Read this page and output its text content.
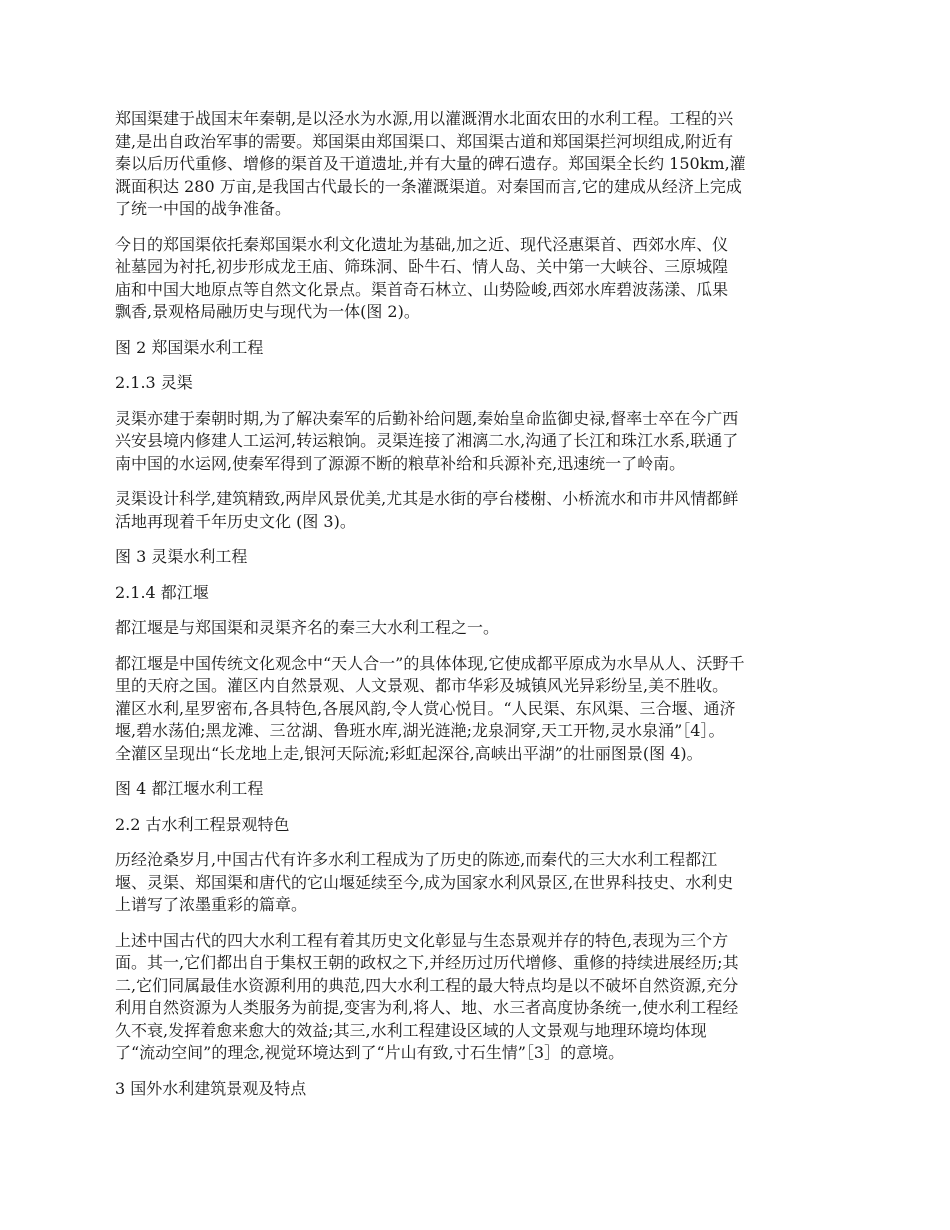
郑国渠建于战国末年秦朝,是以泾水为水源,用以灌溉渭水北面农田的水利工程。工程的兴
建,是出自政治军事的需要。郑国渠由郑国渠口、郑国渠古道和郑国渠拦河坝组成,附近有
秦以后历代重修、增修的渠首及干道遗址,并有大量的碑石遗存。郑国渠全长约 150km,灌
溉面积达 280 万亩,是我国古代最长的一条灌溉渠道。对秦国而言,它的建成从经济上完成
了统一中国的战争准备。
今日的郑国渠依托秦郑国渠水利文化遗址为基础,加之近、现代泾惠渠首、西郊水库、仪
祉墓园为衬托,初步形成龙王庙、筛珠洞、卧牛石、情人岛、关中第一大峡谷、三原城隍
庙和中国大地原点等自然文化景点。渠首奇石林立、山势险峻,西郊水库碧波荡漾、瓜果
飘香,景观格局融历史与现代为一体(图 2)。
图 2 郑国渠水利工程
2.1.3 灵渠
灵渠亦建于秦朝时期,为了解决秦军的后勤补给问题,秦始皇命监御史禄,督率士卒在今广西
兴安县境内修建人工运河,转运粮饷。灵渠连接了湘漓二水,沟通了长江和珠江水系,联通了
南中国的水运网,使秦军得到了源源不断的粮草补给和兵源补充,迅速统一了岭南。
灵渠设计科学,建筑精致,两岸风景优美,尤其是水街的亭台楼榭、小桥流水和市井风情都鲜
活地再现着千年历史文化 (图 3)。
图 3 灵渠水利工程
2.1.4 都江堰
都江堰是与郑国渠和灵渠齐名的秦三大水利工程之一。
都江堰是中国传统文化观念中“天人合一”的具体体现,它使成都平原成为水旱从人、沃野千
里的天府之国。灌区内自然景观、人文景观、都市华彩及城镇风光异彩纷呈,美不胜收。
灌区水利,星罗密布,各具特色,各展风韵,令人赏心悦目。“人民渠、东风渠、三合堰、通济
堰,碧水荡伯;黑龙滩、三岔湖、鲁班水库,湖光涟滟;龙泉洞穿,天工开物,灵水泉涌”［4］。
全灌区呈现出“长龙地上走,银河天际流;彩虹起深谷,高峡出平湖”的壮丽图景(图 4)。
图 4 都江堰水利工程
2.2 古水利工程景观特色
历经沧桑岁月,中国古代有许多水利工程成为了历史的陈迹,而秦代的三大水利工程都江
堰、灵渠、郑国渠和唐代的它山堰延续至今,成为国家水利风景区,在世界科技史、水利史
上谱写了浓墨重彩的篇章。
上述中国古代的四大水利工程有着其历史文化彰显与生态景观并存的特色,表现为三个方
面。其一,它们都出自于集权王朝的政权之下,并经历过历代增修、重修的持续进展经历;其
二,它们同属最佳水资源利用的典范,四大水利工程的最大特点均是以不破坏自然资源,充分
利用自然资源为人类服务为前提,变害为利,将人、地、水三者高度协条统一,使水利工程经
久不衰,发挥着愈来愈大的效益;其三,水利工程建设区域的人文景观与地理环境均体现
了“流动空间”的理念,视觉环境达到了“片山有致,寸石生情”［3］的意境。
3 国外水利建筑景观及特点
